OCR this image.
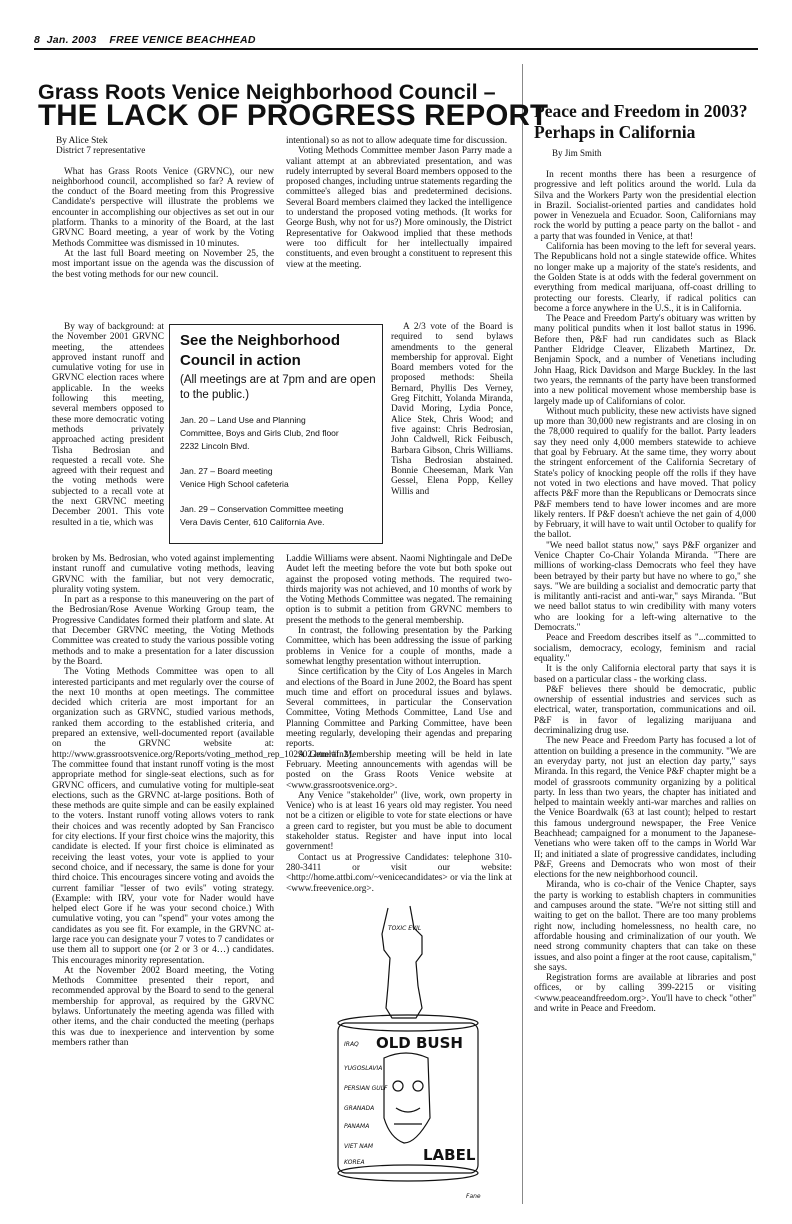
8  Jan. 2003    FREE VENICE BEACHHEAD
Grass Roots Venice Neighborhood Council –
THE LACK OF PROGRESS REPORT
Peace and Freedom in 2003? Perhaps in California
By Jim Smith

By Alice Stek

District 7 representative

What has Grass Roots Venice (GRVNC), our new neighborhood council, accomplished so far? A review of the conduct of the Board meeting from this Progressive Candidate's perspective will illustrate the problems we encounter in accomplishing our objectives as set out in our platform. Thanks to a minority of the Board, at the last GRVNC Board meeting, a year of work by the Voting Methods Committee was dismissed in 10 minutes.

At the last full Board meeting on November 25, the most important issue on the agenda was the discussion of the best voting methods for our new council.

By way of background: at the November 2001 GRVNC meeting, the attendees approved instant runoff and cumulative voting for use in GRVNC election races where applicable. In the weeks following this meeting, several members opposed to these more democratic voting methods privately approached acting president Tisha Bedrosian and requested a recall vote. She agreed with their request and the voting methods were subjected to a recall vote at the next GRVNC meeting December 2001. This vote resulted in a tie, which was

broken by Ms. Bedrosian, who voted against implementing instant runoff and cumulative voting methods, leaving GRVNC with the familiar, but not very democratic, plurality voting system.

In part as a response to this maneuvering on the part of the Bedrosian/Rose Avenue Working Group team, the Progressive Candidates formed their platform and slate. At that December GRVNC meeting, the Voting Methods Committee was created to study the various possible voting methods and to make a presentation for a later discussion by the Board.

The Voting Methods Committee was open to all interested participants and met regularly over the course of the next 10 months at open meetings. The committee decided which criteria are most important for an organization such as GRVNC, studied various methods, ranked them according to the established criteria, and prepared an extensive, well-documented report (available on the GRVNC website at: http://www.grassrootsvenice.org/Reports/voting_method_rep_102902.html#fn2). The committee found that instant runoff voting is the most appropriate method for single-seat elections, such as for GRVNC officers, and cumulative voting for multiple-seat elections, such as the GRVNC at-large positions. Both of these methods are quite simple and can be easily explained to the voters. Instant runoff voting allows voters to rank their choices and was recently adopted by San Francisco for city elections. If your first choice wins the majority, this candidate is elected. If your first choice is eliminated as receiving the least votes, your vote is applied to your second choice, and if necessary, the same is done for your third choice. This encourages sincere voting and avoids the current familiar "lesser of two evils" voting strategy. (Example: with IRV, your vote for Nader would have helped elect Gore if he was your second choice.) With cumulative voting, you can "spend" your votes among the candidates as you see fit. For example, in the GRVNC at-large race you can designate your 7 votes to 7 candidates or use them all to support one (or 2 or 3 or 4…) candidates. This encourages minority representation.

At the November 2002 Board meeting, the Voting Methods Committee presented their report, and recommended approval by the Board to send to the general membership for approval, as required by the GRVNC bylaws. Unfortunately the meeting agenda was filled with other items, and the chair conducted the meeting (perhaps this was due to inexperience and intervention by some members rather than

intentional) so as not to allow adequate time for discussion.

Voting Methods Committee member Jason Parry made a valiant attempt at an abbreviated presentation, and was rudely interrupted by several Board members opposed to the proposed changes, including untrue statements regarding the committee's alleged bias and predetermined decisions. Several Board members claimed they lacked the intelligence to understand the proposed voting methods. (It works for George Bush, why not for us?) More ominously, the District Representative for Oakwood implied that these methods were too difficult for her intellectually impaired constituents, and even brought a constituent to represent this view at the meeting.

A 2/3 vote of the Board is required to send bylaws amendments to the general membership for approval. Eight Board members voted for the proposed methods: Sheila Bernard, Phyllis Des Verney, Greg Fitchitt, Yolanda Miranda, David Moring, Lydia Ponce, Alice Stek, Chris Wood; and five against: Chris Bedrosian, John Caldwell, Rick Feibusch, Barbara Gibson, Chris Williams. Tisha Bedrosian abstained. Bonnie Cheeseman, Mark Van Gessel, Elena Popp, Kelley Willis and

Laddie Williams were absent. Naomi Nightingale and DeDe Audet left the meeting before the vote but both spoke out against the proposed voting methods. The required two-thirds majority was not achieved, and 10 months of work by the Voting Methods Committee was negated. The remaining option is to submit a petition from GRVNC members to present the methods to the general membership.

In contrast, the following presentation by the Parking Committee, which has been addressing the issue of parking problems in Venice for a couple of months, made a somewhat lengthy presentation without interruption.

Since certification by the City of Los Angeles in March and elections of the Board in June 2002, the Board has spent much time and effort on procedural issues and bylaws. Several committees, in particular the Conservation Committee, Voting Methods Committee, Land Use and Planning Committee and Parking Committee, have been meeting regularly, developing their agendas and preparing reports.

A General Membership meeting will be held in late February. Meeting announcements with agendas will be posted on the Grass Roots Venice website at <www.grassrootsvenice.org>.

Any Venice "stakeholder" (live, work, own property in Venice) who is at least 16 years old may register. You need not be a citizen or eligible to vote for state elections or have a green card to register, but you must be able to document stakeholder status. Register and have input into local government!

Contact us at Progressive Candidates: telephone 310-280-3411 or visit our website: <http://home.attbi.com/~venicecandidates> or via the link at <www.freevenice.org>.

See the Neighborhood Council in action
(All meetings are at 7pm and are open to the public.)
Jan. 20 – Land Use and Planning
Committee, Boys and Girls Club, 2nd floor
2232 Lincoln Blvd.
Jan. 27 – Board meeting
Venice High School cafeteria
Jan. 29 – Conservation Committee meeting
Vera Davis Center, 610 California Ave.
TOXIC EVIL
OLD BUSH
LABEL
IRAQ
YUGOSLAVIA
PERSIAN GULF
GRANADA
PANAMA
VIET NAM
KOREA
Fane

In recent months there has been a resurgence of progressive and left politics around the world. Lula da Silva and the Workers Party won the presidential election in Brazil. Socialist-oriented parties and candidates hold power in Venezuela and Ecuador. Soon, Californians may rock the world by putting a peace party on the ballot - and a party that was founded in Venice, at that!

California has been moving to the left for several years. The Republicans hold not a single statewide office. Whites no longer make up a majority of the state's residents, and the Golden State is at odds with the federal government on everything from medical marijuana, off-coast drilling to protecting our forests. Clearly, if radical politics can become a force anywhere in the U.S., it is in California.

The Peace and Freedom Party's obituary was written by many political pundits when it lost ballot status in 1996. Before then, P&F had run candidates such as Black Panther Eldridge Cleaver, Elizabeth Martinez, Dr. Benjamin Spock, and a number of Venetians including John Haag, Rick Davidson and Marge Buckley. In the last two years, the remnants of the party have been transformed into a new political movement whose membership base is largely made up of Californians of color.

Without much publicity, these new activists have signed up more than 30,000 new registrants and are closing in on the 78,000 required to qualify for the ballot. Party leaders say they need only 4,000 members statewide to achieve that goal by February. At the same time, they worry about the stringent enforcement of the California Secretary of State's policy of knocking people off the rolls if they have not voted in two elections and have moved. That policy affects P&F more than the Republicans or Democrats since P&F members tend to have lower incomes and are more likely renters. If P&F doesn't achieve the net gain of 4,000 by February, it will have to wait until October to qualify for the ballot.

"We need ballot status now," says P&F organizer and Venice Chapter Co-Chair Yolanda Miranda. "There are millions of working-class Democrats who feel they have been betrayed by their party but have no where to go," she says. "We are building a socialist and democratic party that is militantly anti-racist and anti-war," says Miranda. "But we need ballot status to win credibility with many voters who are looking for a left-wing alternative to the Democrats."

Peace and Freedom describes itself as "...committed to socialism, democracy, ecology, feminism and racial equality."

It is the only California electoral party that says it is based on a particular class - the working class.

P&F believes there should be democratic, public ownership of essential industries and services such as electrical, water, transportation, communications and oil. P&F is in favor of legalizing marijuana and decriminalizing drug use.

The new Peace and Freedom Party has focused a lot of attention on building a presence in the community. "We are an everyday party, not just an election day party," says Miranda. In this regard, the Venice P&F chapter might be a model of grassroots community organizing by a political party. In less than two years, the chapter has initiated and helped to maintain weekly anti-war marches and rallies on the Venice Boardwalk (63 at last count); helped to restart this famous underground newspaper, the Free Venice Beachhead; campaigned for a monument to the Japanese-Venetians who were taken off to the camps in World War II; and initiated a slate of progressive candidates, including P&F, Greens and Democrats who won most of their elections for the new neighborhood council.

Miranda, who is co-chair of the Venice Chapter, says the party is working to establish chapters in communities and campuses around the state. "We're not sitting still and waiting to get on the ballot. There are too many problems right now, including homelessness, no health care, no affordable housing and criminalization of our youth. We need strong community chapters that can take on these issues, and also point a finger at the root cause, capitalism," she says.

Registration forms are available at libraries and post offices, or by calling 399-2215 or visiting <www.peaceandfreedom.org>. You'll have to check "other" and write in Peace and Freedom.
